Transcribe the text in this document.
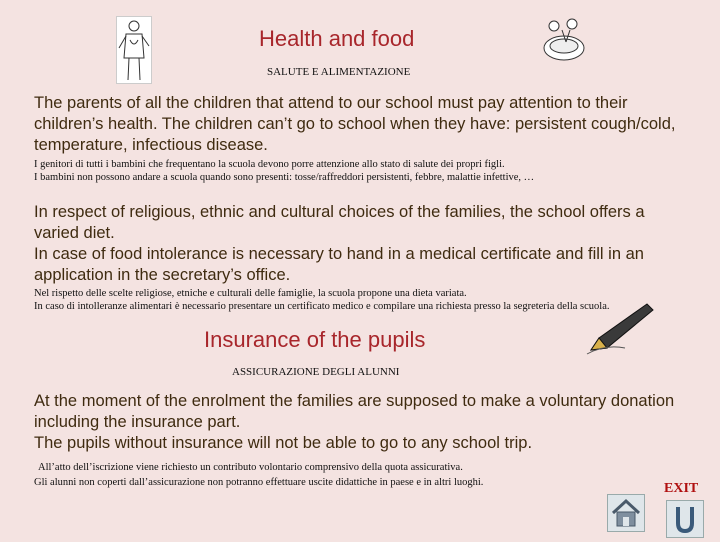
Health and food
SALUTE E ALIMENTAZIONE
The parents of all the children that attend to our school must pay attention to their children’s health. The children can’t go to school when they have: persistent cough/cold, temperature, infectious disease.
I genitori di tutti i bambini che frequentano la scuola devono porre attenzione allo stato di salute dei propri figli.
I bambini non possono andare a scuola quando sono presenti: tosse/raffreddori persistenti, febbre, malattie infettive, …
In respect of religious, ethnic and cultural choices of the families, the school offers a varied diet.
In case of food intolerance is necessary to hand in a medical certificate and fill in an application in the secretary’s office.
Nel rispetto delle scelte religiose, etniche e culturali delle famiglie, la scuola propone una dieta variata.
In caso di intolleranze alimentari è necessario presentare un certificato medico e compilare una richiesta presso la segreteria della scuola.
Insurance of the pupils
ASSICURAZIONE DEGLI ALUNNI
At the moment of the enrolment the families are supposed to make a voluntary donation including the insurance part.
The pupils without insurance will not be able to go to any school trip.
All’atto dell’iscrizione viene richiesto un contributo volontario comprensivo della quota assicurativa.
Gli alunni non coperti dall’assicurazione non potranno effettuare uscite didattiche in paese e in altri luoghi.	EXIT
